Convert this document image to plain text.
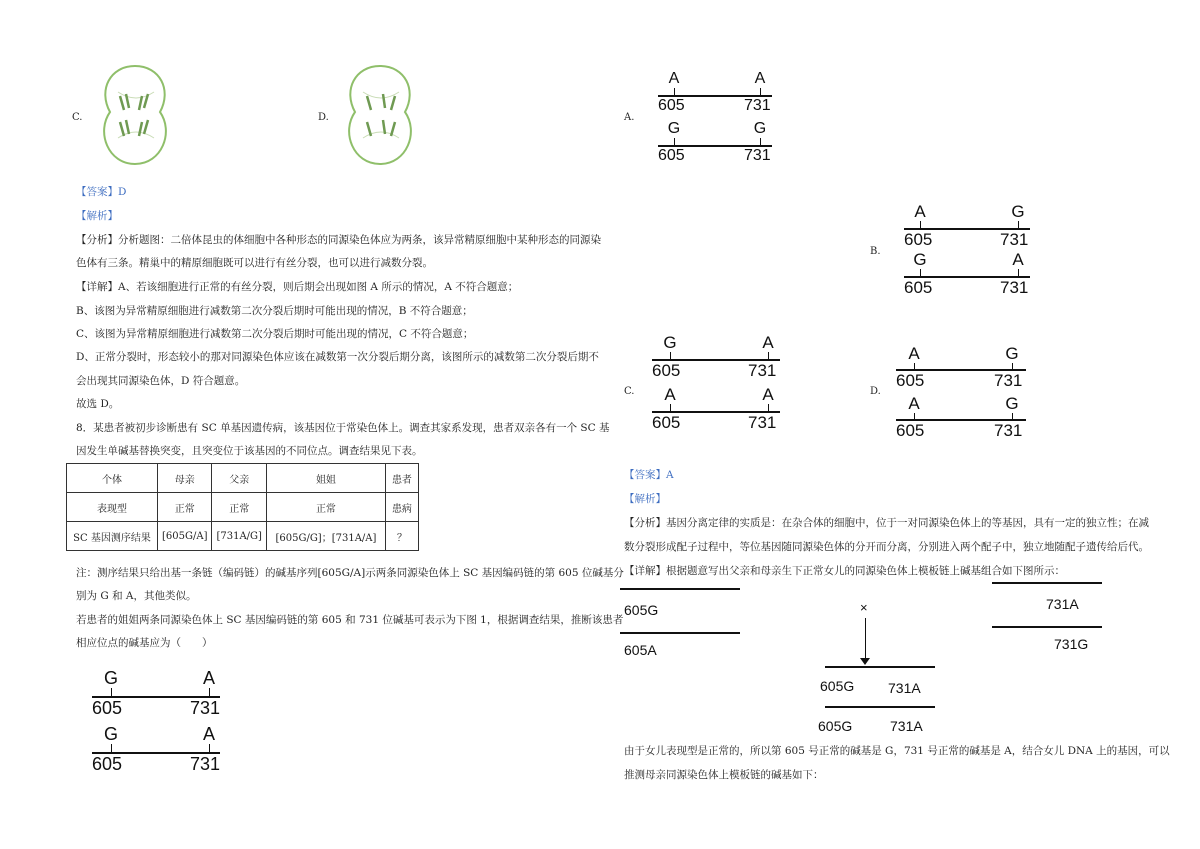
C.	D.
【答案】D
【解析】
【分析】分析题图：二倍体昆虫的体细胞中各种形态的同源染色体应为两条，该异常精原细胞中某种形态的同源染
色体有三条。精巢中的精原细胞既可以进行有丝分裂，也可以进行减数分裂。
【详解】A、若该细胞进行正常的有丝分裂，则后期会出现如图 A 所示的情况，A 不符合题意；
B、该图为异常精原细胞进行减数第二次分裂后期时可能出现的情况，B 不符合题意；
C、该图为异常精原细胞进行减数第二次分裂后期时可能出现的情况，C 不符合题意；
D、正常分裂时，形态较小的那对同源染色体应该在减数第一次分裂后期分离，该图所示的减数第二次分裂后期不
会出现其同源染色体，D 符合题意。
故选 D。
8．某患者被初步诊断患有 SC 单基因遗传病，该基因位于常染色体上。调查其家系发现，患者双亲各有一个 SC 基
因发生单碱基替换突变，且突变位于该基因的不同位点。调查结果见下表。
个体	母亲	父亲	姐姐	患者
表现型	正常	正常	正常	患病
SC 基因测序结果	[605G/A]	[731A/G]	[605G/G]；[731A/A]	？
注：测序结果只给出基一条链（编码链）的碱基序列[605G/A]示两条同源染色体上 SC 基因编码链的第 605 位碱基分
别为 G 和 A，其他类似。
若患者的姐姐两条同源染色体上 SC 基因编码链的第 605 和 731 位碱基可表示为下图 1，根据调查结果，推断该患者
相应位点的碱基应为（　　）
G	A
605	731
G	A
605	731
A.
A	A
605	731
G	G
605	731
B.
A	G
605	731
G	A
605	731
C.
G	A
605	731
A	A
605	731
D.
A	G
605	731
A	G
605	731
【答案】A
【解析】
【分析】基因分离定律的实质是：在杂合体的细胞中，位于一对同源染色体上的等基因，具有一定的独立性；在减
数分裂形成配子过程中，等位基因随同源染色体的分开而分离，分别进入两个配子中，独立地随配子遗传给后代。
【详解】根据题意写出父亲和母亲生下正常女儿的同源染色体上模板链上碱基组合如下图所示：
605G
605A
×	731A
731G
605G 731A
605G	731A
由于女儿表现型是正常的，所以第 605 号正常的碱基是 G，731 号正常的碱基是 A，结合女儿 DNA 上的基因，可以
推测母亲同源染色体上模板链的碱基如下：
